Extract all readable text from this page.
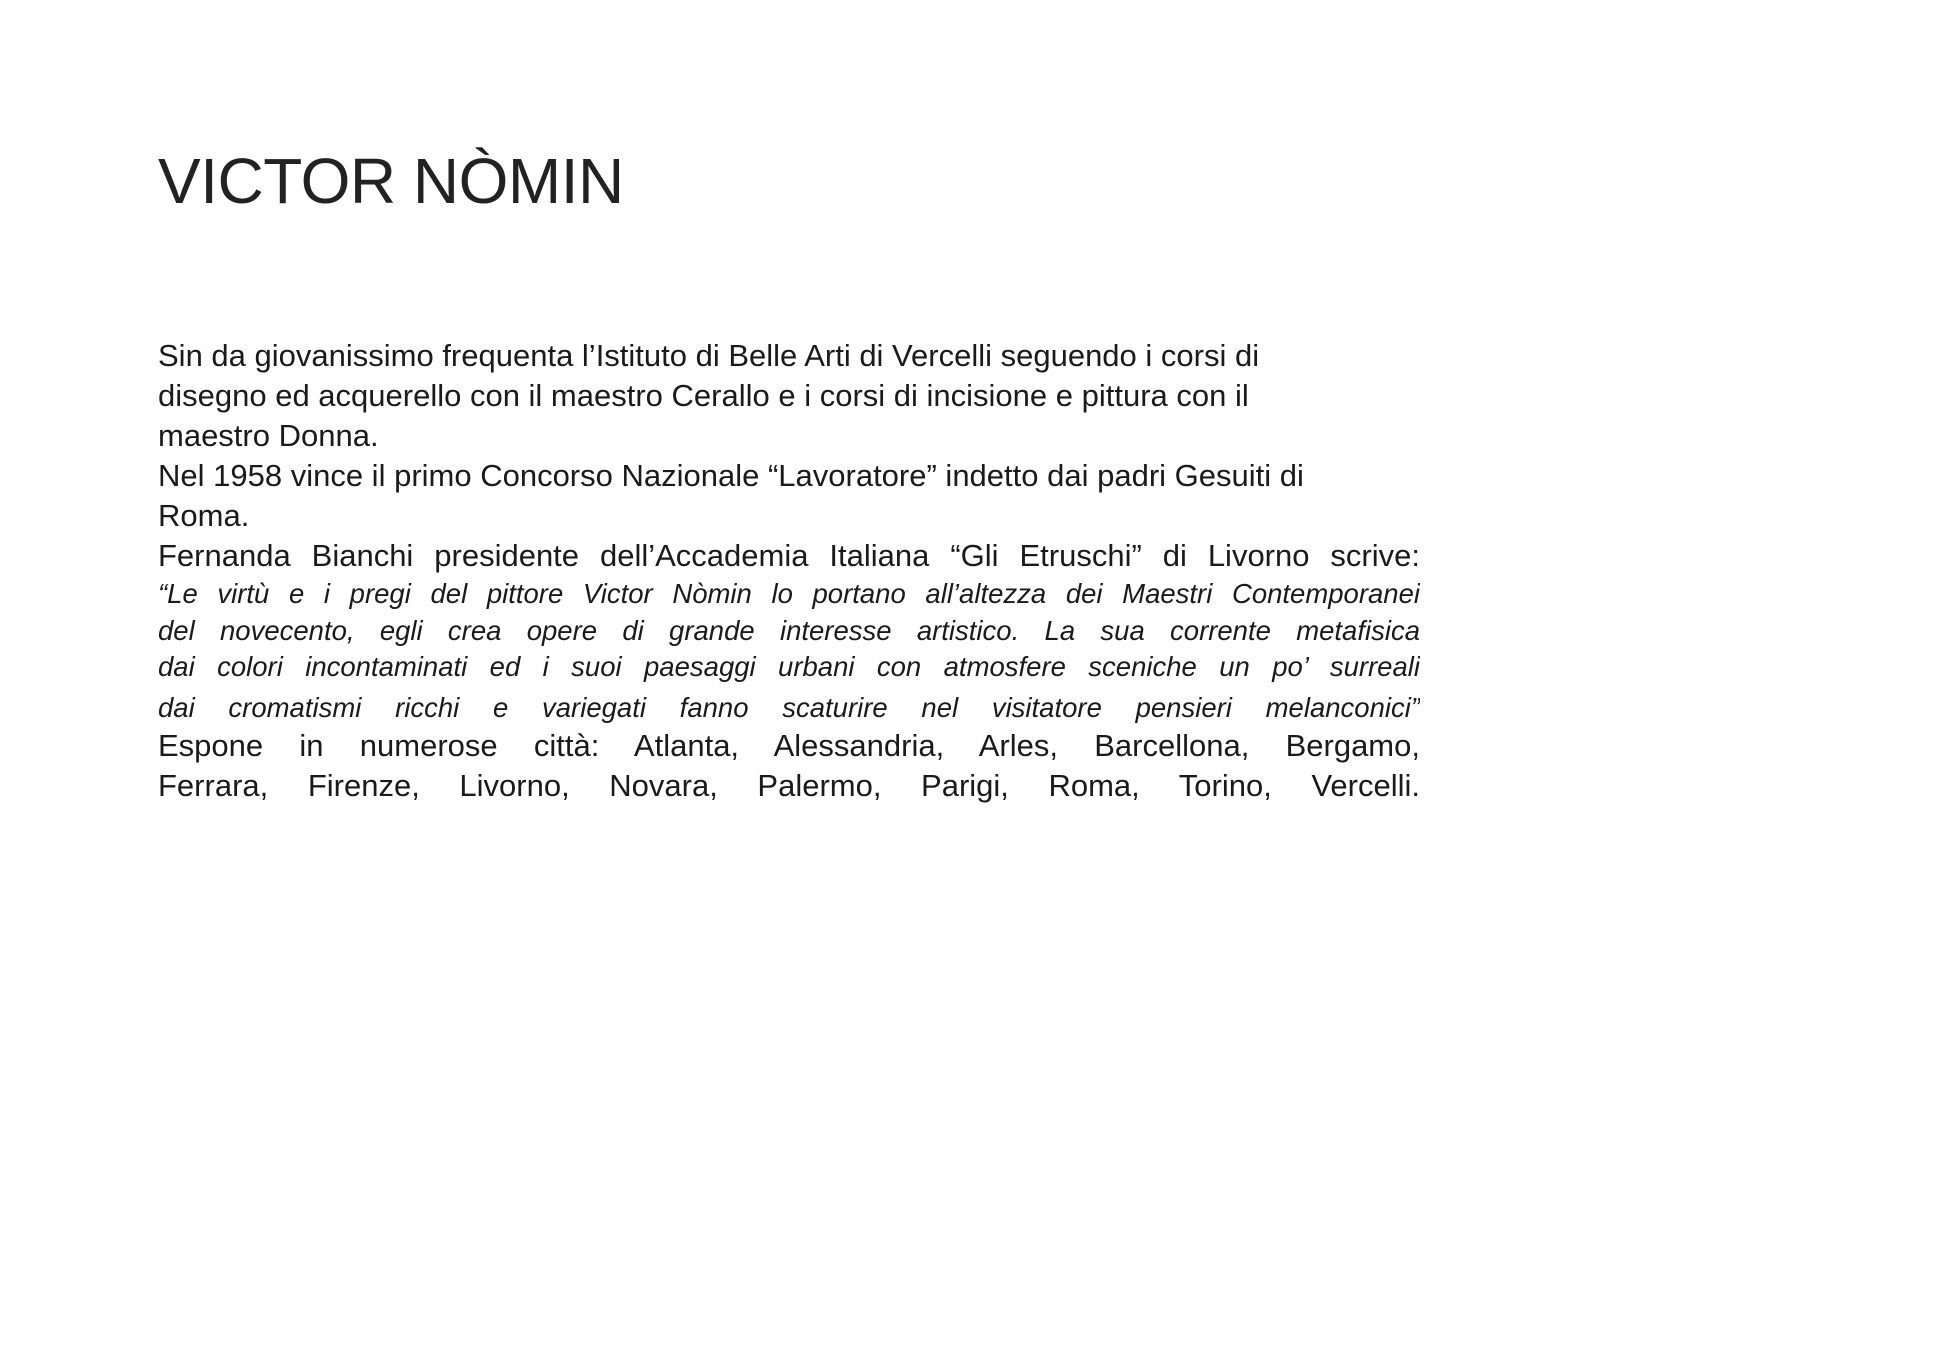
VICTOR NÒMIN
Sin da giovanissimo frequenta l’Istituto di Belle Arti di Vercelli seguendo i corsi di
disegno ed acquerello con il maestro Cerallo e i corsi di incisione e pittura con il
maestro Donna.
Nel 1958 vince il primo Concorso Nazionale “Lavoratore” indetto dai padri Gesuiti di
Roma.
Fernanda Bianchi presidente dell’Accademia Italiana “Gli Etruschi” di Livorno scrive:
“Le virtù e i pregi del pittore Victor Nòmin lo portano all’altezza dei Maestri Contemporanei
del novecento, egli crea opere di grande interesse artistico. La sua corrente metafisica
dai colori incontaminati ed i suoi paesaggi urbani con atmosfere sceniche un po’ surreali
dai cromatismi ricchi e variegati fanno scaturire nel visitatore pensieri melanconici”
Espone in numerose città: Atlanta, Alessandria, Arles, Barcellona, Bergamo,
Ferrara, Firenze, Livorno, Novara, Palermo, Parigi, Roma, Torino, Vercelli.
